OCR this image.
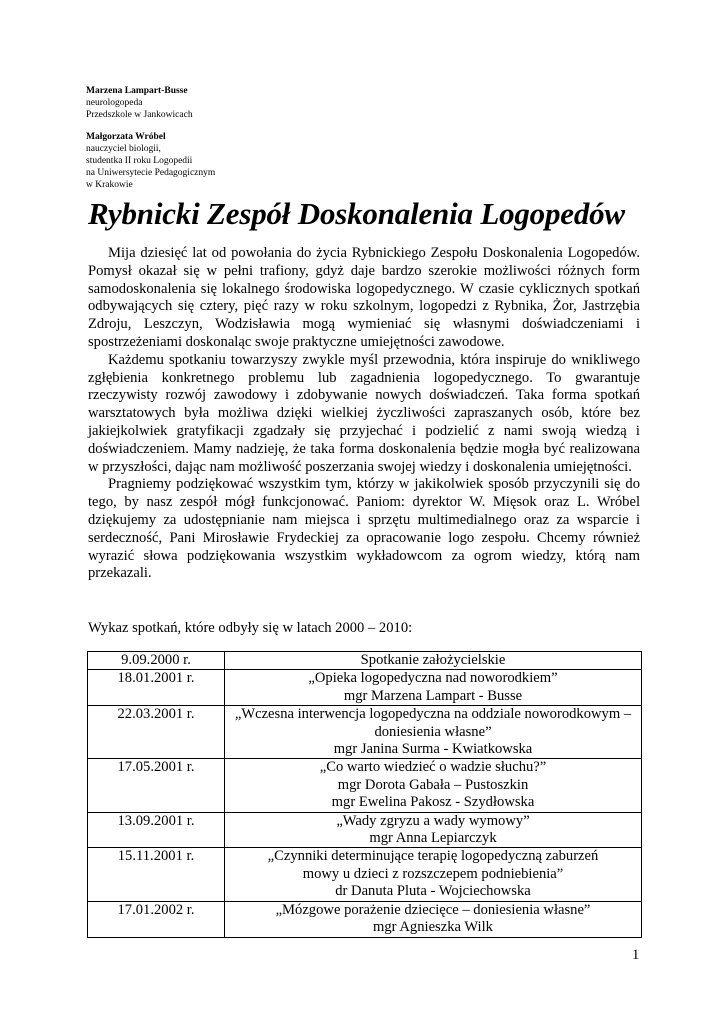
Marzena Lampart-Busse
neurologopeda
Przedszkole w Jankowicach
Małgorzata Wróbel
nauczyciel biologii,
studentka II roku Logopedii
na Uniwersytecie Pedagogicznym
w Krakowie
Rybnicki Zespół Doskonalenia Logopedów

Mija dziesięć lat od powołania do życia Rybnickiego Zespołu Doskonalenia Logopedów. Pomysł okazał się w pełni trafiony, gdyż daje bardzo szerokie możliwości różnych form samodoskonalenia się lokalnego środowiska logopedycznego. W czasie cyklicznych spotkań odbywających się cztery, pięć razy w roku szkolnym, logopedzi z Rybnika, Żor, Jastrzębia Zdroju, Leszczyn, Wodzisławia mogą wymieniać się własnymi doświadczeniami i spostrzeżeniami doskonaląc swoje praktyczne umiejętności zawodowe.

Każdemu spotkaniu towarzyszy zwykle myśl przewodnia, która inspiruje do wnikliwego zgłębienia konkretnego problemu lub zagadnienia logopedycznego. To gwarantuje rzeczywisty rozwój zawodowy i zdobywanie nowych doświadczeń. Taka forma spotkań warsztatowych była możliwa dzięki wielkiej życzliwości zapraszanych osób, które bez jakiejkolwiek gratyfikacji zgadzały się przyjechać i podzielić z nami swoją wiedzą i doświadczeniem. Mamy nadzieję, że taka forma doskonalenia będzie mogła być realizowana w przyszłości, dając nam możliwość poszerzania swojej wiedzy i doskonalenia umiejętności.

Pragniemy podziękować wszystkim tym, którzy w jakikolwiek sposób przyczynili się do tego, by nasz zespół mógł funkcjonować. Paniom: dyrektor W. Mięsok oraz L. Wróbel dziękujemy za udostępnianie nam miejsca i sprzętu multimedialnego oraz za wsparcie i serdeczność, Pani Mirosławie Frydeckiej za opracowanie logo zespołu. Chcemy również wyrazić słowa podziękowania wszystkim wykładowcom za ogrom wiedzy, którą nam przekazali.

Wykaz spotkań, które odbyły się w latach 2000 – 2010:
9.09.2000 r.	Spotkanie założycielskie

18.01.2001 r.	„Opieka logopedyczna nad noworodkiem”
mgr Marzena Lampart - Busse

22.03.2001 r.	„Wczesna interwencja logopedyczna na oddziale noworodkowym –
doniesienia własne”
mgr Janina Surma - Kwiatkowska

17.05.2001 r.	„Co warto wiedzieć o wadzie słuchu?”
mgr Dorota Gabała – Pustoszkin
mgr Ewelina Pakosz - Szydłowska

13.09.2001 r.	„Wady zgryzu a wady wymowy”
mgr Anna Lepiarczyk

15.11.2001 r.	„Czynniki determinujące terapię logopedyczną zaburzeń
mowy u dzieci z rozszczepem podniebienia”
dr Danuta Pluta - Wojciechowska

17.01.2002 r.	„Mózgowe porażenie dziecięce – doniesienia własne”
mgr Agnieszka Wilk
1
